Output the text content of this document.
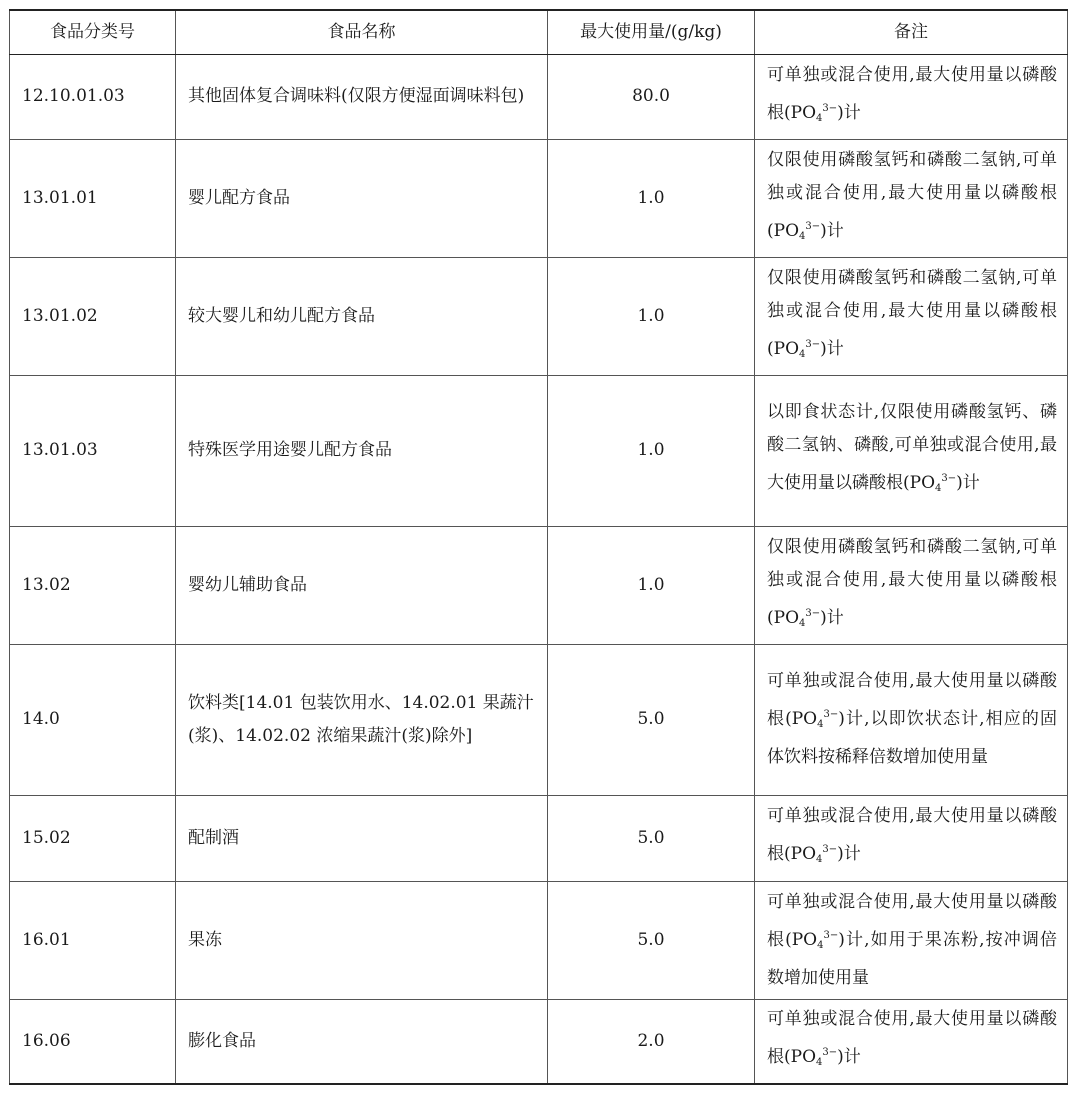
食品分类号	食品名称	最大使用量/(g/kg)	备注
12.10.01.03	其他固体复合调味料(仅限方便湿面调味料包)	80.0	可单独或混合使用,最大使用量以磷酸根$(PO_4^{3-})$计
13.01.01	婴儿配方食品	1.0	仅限使用磷酸氢钙和磷酸二氢钠,可单独或混合使用,最大使用量以磷酸根$(PO_4^{3-})$计
13.01.02	较大婴儿和幼儿配方食品	1.0	仅限使用磷酸氢钙和磷酸二氢钠,可单独或混合使用,最大使用量以磷酸根$(PO_4^{3-})$计
13.01.03	特殊医学用途婴儿配方食品	1.0	以即食状态计,仅限使用磷酸氢钙、磷酸二氢钠、磷酸,可单独或混合使用,最大使用量以磷酸根$(PO_4^{3-})$计
13.02	婴幼儿辅助食品	1.0	仅限使用磷酸氢钙和磷酸二氢钠,可单独或混合使用,最大使用量以磷酸根$(PO_4^{3-})$计
14.0	饮料类[14.01 包装饮用水、14.02.01 果蔬汁(浆)、14.02.02 浓缩果蔬汁(浆)除外]	5.0	可单独或混合使用,最大使用量以磷酸根$(PO_4^{3-})$计,以即饮状态计,相应的固体饮料按稀释倍数增加使用量
15.02	配制酒	5.0	可单独或混合使用,最大使用量以磷酸根$(PO_4^{3-})$计
16.01	果冻	5.0	可单独或混合使用,最大使用量以磷酸根$(PO_4^{3-})$计,如用于果冻粉,按冲调倍数增加使用量
16.06	膨化食品	2.0	可单独或混合使用,最大使用量以磷酸根$(PO_4^{3-})$计
